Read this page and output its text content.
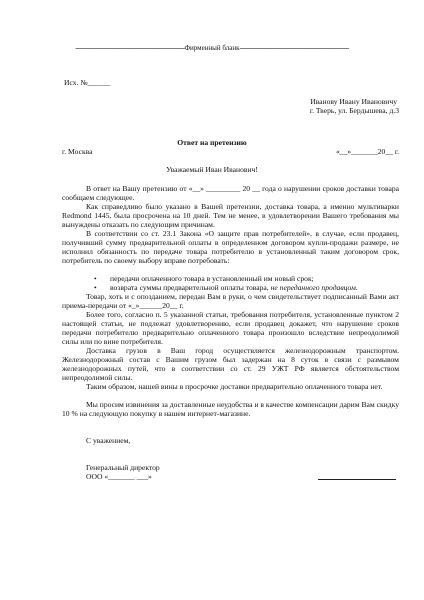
---------------------------------------------------------------Фирменный бланк---------------------------------------------------------------
Исх. №______
Иванову Ивану Ивановичу
г. Тверь, ул. Бердышева, д.3
Ответ на претензию
г. Москва	«__»_______20__ г.
Уважаемый Иван Иванович!
В ответ на Вашу претензию от «__» _________ 20 __ года о нарушении сроков доставки товара сообщаем следующее.
Как справедливо было указано в Вашей претензии, доставка товара, а именно мультиварки Redmond 1445, была просрочена на 10 дней. Тем не менее, в удовлетворении Вашего требования мы вынуждены отказать по следующим причинам.
В соответствии со ст. 23.1 Закона «О защите прав потребителей», в случае, если продавец, получивший сумму предварительной оплаты в определенном договором купли-продажи размере, не исполнил обязанность по передаче товара потребителю в установленный таким договором срок, потребитель по своему выбору вправе потребовать:
• передачи оплаченного товара в установленный им новый срок;
• возврата суммы предварительной оплаты товара, не переданного продавцом.
Товар, хоть и с опозданием, передан Вам в руки, о чем свидетельствует подписанный Вами акт приема-передачи от «_»______20__ г.
Более того, согласно п. 5 указанной статьи, требования потребителя, установленные пунктом 2 настоящей статьи, не подлежат удовлетворению, если продавец докажет, что нарушение сроков передачи потребителю предварительно оплаченного товара произошло вследствие непреодолимой силы или по вине потребителя.
Доставка грузов в Ваш город осуществляется железнодорожным транспортом. Железнодорожный состав с Вашим грузом был задержан на 8 суток в связи с размывом железнодорожных путей, что в соответствии со ст. 29 УЖТ РФ является обстоятельством непреодолимой силы.
Таким образом, нашей вины в просрочке доставки предварительно оплаченного товара нет.
Мы просим извинения за доставленные неудобства и в качестве компенсации дарим Вам скидку 10 % на следующую покупку в нашем интернет-магазине.
С уважением,
Генеральный директор
ООО «_______ ___»
